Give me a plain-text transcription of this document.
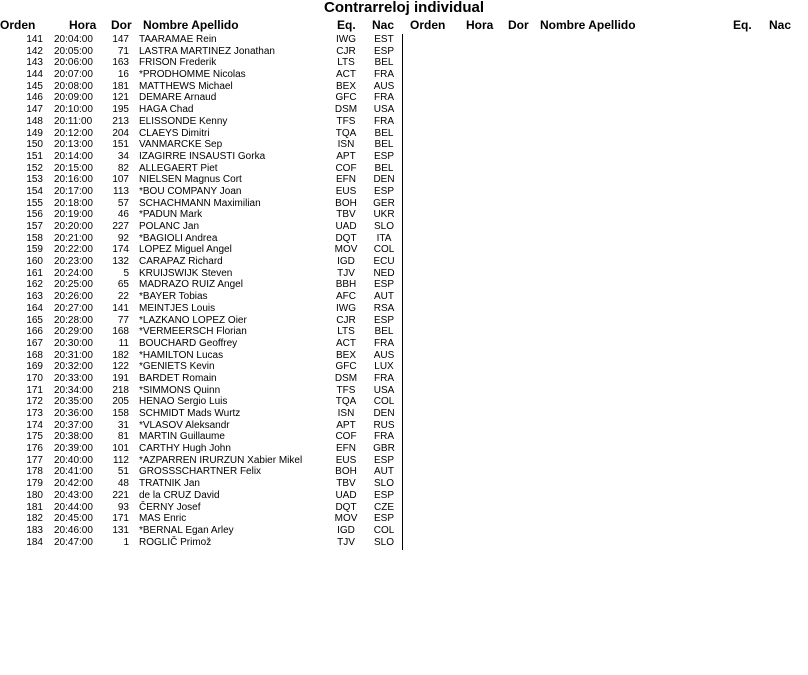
Contrarreloj individual
Orden	Hora Dor Nombre Apellido	Eq. Nac Orden Hora Dor Nombre Apellido	Eq. Nac
141 20:04:00	147 TAARAMAE Rein	IWG	EST
142 20:05:00	71 LASTRA MARTINEZ Jonathan	CJR	ESP
143 20:06:00	163 FRISON Frederik	LTS	BEL
144 20:07:00	16 *PRODHOMME Nicolas	ACT	FRA
145 20:08:00	181 MATTHEWS Michael	BEX	AUS
146 20:09:00	121 DEMARE Arnaud	GFC	FRA
147 20:10:00	195 HAGA Chad	DSM	USA
148 20:11:00	213 ELISSONDE Kenny	TFS	FRA
149 20:12:00	204 CLAEYS Dimitri	TQA	BEL
150 20:13:00	151 VANMARCKE Sep	ISN	BEL
151 20:14:00	34 IZAGIRRE INSAUSTI Gorka	APT	ESP
152 20:15:00	82 ALLEGAERT Piet	COF	BEL
153 20:16:00	107 NIELSEN Magnus Cort	EFN	DEN
154 20:17:00	113 *BOU COMPANY Joan	EUS	ESP
155 20:18:00	57 SCHACHMANN Maximilian	BOH	GER
156 20:19:00	46 *PADUN Mark	TBV	UKR
157 20:20:00	227 POLANC Jan	UAD	SLO
158 20:21:00	92 *BAGIOLI Andrea	DQT	ITA
159 20:22:00	174 LOPEZ Miguel Angel	MOV	COL
160 20:23:00	132 CARAPAZ Richard	IGD	ECU
161 20:24:00	5 KRUIJSWIJK Steven	TJV	NED
162 20:25:00	65 MADRAZO RUIZ Angel	BBH	ESP
163 20:26:00	22 *BAYER Tobias	AFC	AUT
164 20:27:00	141 MEINTJES Louis	IWG	RSA
165 20:28:00	77 *LAZKANO LOPEZ Oier	CJR	ESP
166 20:29:00	168 *VERMEERSCH Florian	LTS	BEL
167 20:30:00	11 BOUCHARD Geoffrey	ACT	FRA
168 20:31:00	182 *HAMILTON Lucas	BEX	AUS
169 20:32:00	122 *GENIETS Kevin	GFC	LUX
170 20:33:00	191 BARDET Romain	DSM	FRA
171 20:34:00	218 *SIMMONS Quinn	TFS	USA
172 20:35:00	205 HENAO Sergio Luis	TQA	COL
173 20:36:00	158 SCHMIDT Mads Wurtz	ISN	DEN
174 20:37:00	31 *VLASOV Aleksandr	APT	RUS
175 20:38:00	81 MARTIN Guillaume	COF	FRA
176 20:39:00	101 CARTHY Hugh John	EFN	GBR
177 20:40:00	112 *AZPARREN IRURZUN Xabier Mikel	EUS	ESP
178 20:41:00	51 GROSSSCHARTNER Felix	BOH	AUT
179 20:42:00	48 TRATNIK Jan	TBV	SLO
180 20:43:00	221 de la CRUZ David	UAD	ESP
181 20:44:00	93 ČERNY Josef	DQT	CZE
182 20:45:00	171 MAS Enric	MOV	ESP
183 20:46:00	131 *BERNAL Egan Arley	IGD	COL
184 20:47:00	1 ROGLIČ Primož	TJV	SLO
